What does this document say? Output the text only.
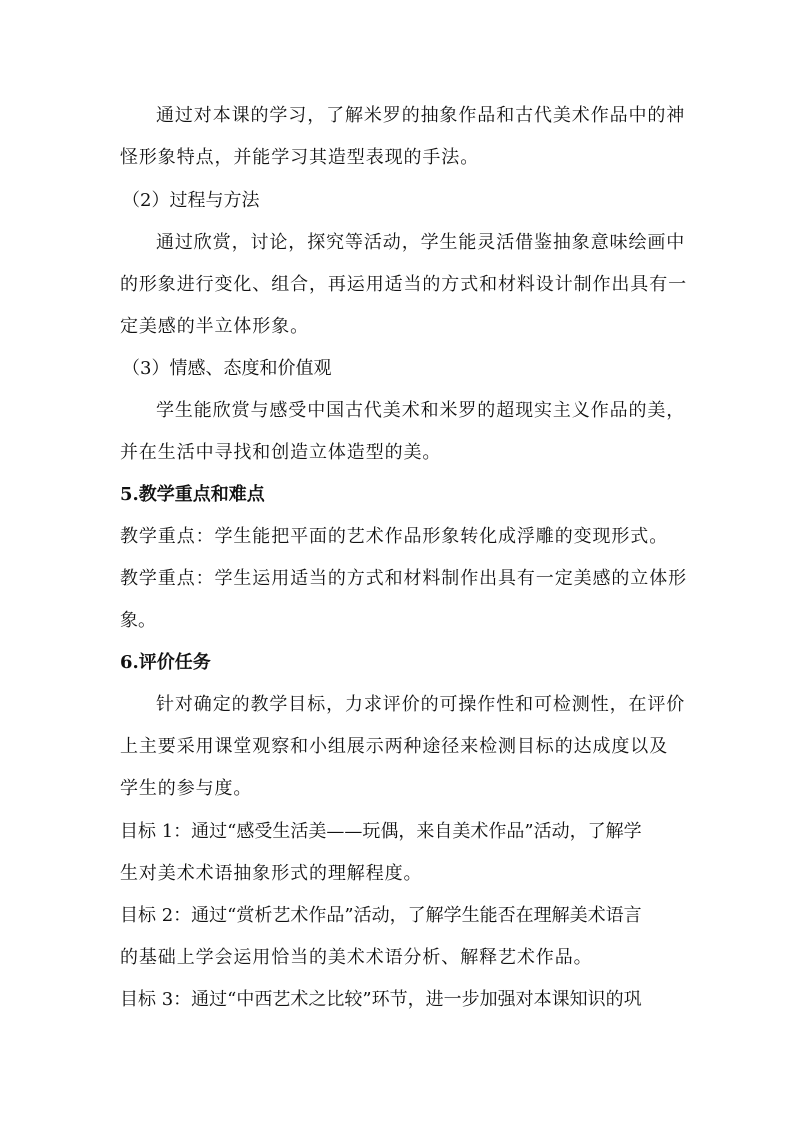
通过对本课的学习，了解米罗的抽象作品和古代美术作品中的神

怪形象特点，并能学习其造型表现的手法。

（2）过程与方法

通过欣赏，讨论，探究等活动，学生能灵活借鉴抽象意味绘画中

的形象进行变化、组合，再运用适当的方式和材料设计制作出具有一

定美感的半立体形象。

（3）情感、态度和价值观

学生能欣赏与感受中国古代美术和米罗的超现实主义作品的美，

并在生活中寻找和创造立体造型的美。

5.教学重点和难点

教学重点：学生能把平面的艺术作品形象转化成浮雕的变现形式。

教学重点：学生运用适当的方式和材料制作出具有一定美感的立体形

象。

6.评价任务

针对确定的教学目标，力求评价的可操作性和可检测性，在评价

上主要采用课堂观察和小组展示两种途径来检测目标的达成度以及

学生的参与度。

目标 1：通过“感受生活美——玩偶，来自美术作品”活动，了解学

生对美术术语抽象形式的理解程度。

目标 2：通过“赏析艺术作品”活动，了解学生能否在理解美术语言

的基础上学会运用恰当的美术术语分析、解释艺术作品。

目标 3：通过“中西艺术之比较”环节，进一步加强对本课知识的巩
